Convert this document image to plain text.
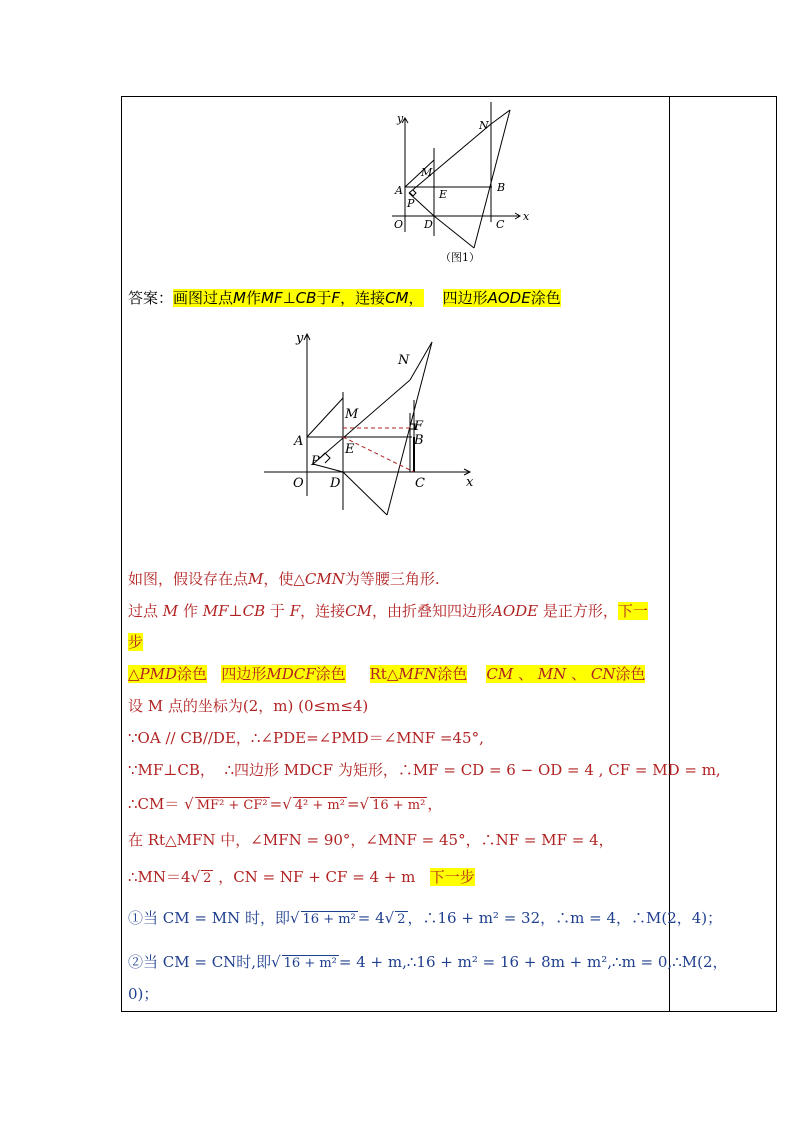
y
x
N
M
A	E
B
P
O D	C
（图1）
答案：画图过点M作MF⊥CB于F，连接CM， 四边形AODE涂色
y
x
N
M
F
A	B
E
P
O D	C
如图，假设存在点M，使△CMN为等腰三角形.
过点 M 作 MF⊥CB 于 F，连接CM，由折叠知四边形AODE 是正方形，下一
步
△PMD涂色 四边形MDCF涂色 Rt△MFN涂色 CM 、 MN 、 CN涂色
设 M 点的坐标为(2，m) (0≤m≤4)
∵OA // CB//DE，∴∠PDE=∠PMD＝∠MNF =45°,
∵MF⊥CB， ∴四边形 MDCF 为矩形，∴MF = CD = 6 − OD = 4 , CF = MD = m,
∴CM＝ √ MF² + CF² =√ 4² + m² =√ 16 + m² ，
在 Rt△MFN 中，∠MFN = 90°，∠MNF = 45°，∴NF = MF = 4，
∴MN＝4√ 2 ，CN = NF + CF = 4 + m 下一步
①当 CM = MN 时，即√ 16 + m² = 4√ 2 ，∴16 + m² = 32，∴m = 4，∴M(2，4)；
②当 CM = CN时,即√ 16 + m² = 4 + m,∴16 + m² = 16 + 8m + m²,∴m = 0,∴M(2，
0)；
